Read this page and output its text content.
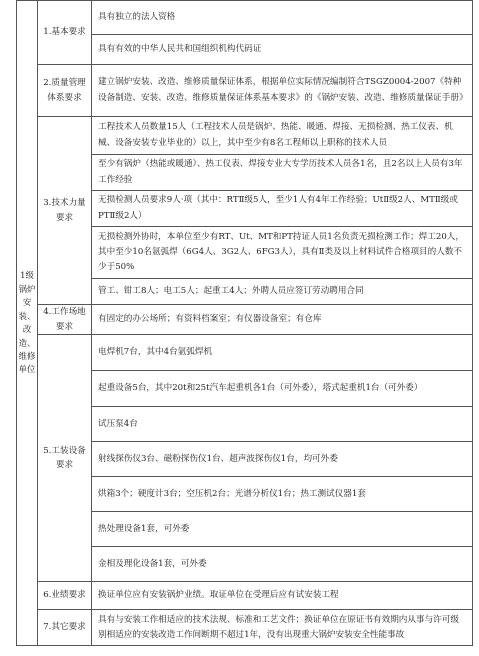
1级锅炉安装、改造、维修单位	1.基本要求	具有独立的法人资格

		具有有效的中华人民共和国组织机构代码证

	2.质量管理体系要求	建立锅炉安装、改造、维修质量保证体系，根据单位实际情况编制符合TSGZ0004-2007《特种设备制造、安装、改造、维修质量保证体系基本要求》的《锅炉安装、改造、维修质量保证手册》

	3.技术力量要求	工程技术人员数量15人（工程技术人员是锅炉、热能、暖通、焊接、无损检测、热工仪表、机械、设备安装专业毕业的）以上，其中至少有8名工程师以上职称的技术人员

		至少有锅炉（热能或暖通）、热工仪表、焊接专业大专学历技术人员各1名，且2名以上人员有3年工作经验

		无损检测人员要求9人·项（其中：RTⅡ级5人，至少1人有4年工作经验；UtⅡ级2人、MTⅡ级或PTⅡ级2人）

		无损检测外协时，本单位至少有RT、Ut、MT和PT持证人员1名负责无损检测工作；焊工20人，其中至少10名氩弧焊（6G4人、3G2人、6FG3人），具有Ⅱ类及以上材料试件合格项目的人数不少于50%

		管工、钳工8人；电工5人；起重工4人；外聘人员应签订劳动聘用合同

	4.工作场地要求	有固定的办公场所；有资料档案室；有仪器设备室；有仓库

	5.工装设备要求	电焊机7台，其中4台氩弧焊机

		起重设备5台，其中20t和25t汽车起重机各1台（可外委），塔式起重机1台（可外委）

		试压泵4台

		射线探伤仪3台、磁粉探伤仪1台、超声波探伤仪1台，均可外委

		烘箱3个；硬度计3台；空压机2台；光谱分析仪1台；热工测试仪器1套

		热处理设备1套，可外委

		金相及理化设备1套，可外委

	6.业绩要求	换证单位应有安装锅炉业绩。取证单位在受理后应有试安装工程

	7.其它要求	具有与安装工作相适应的技术法规、标准和工艺文件；换证单位在原证书有效期内从事与许可级别相适应的安装改造工作间断期不超过1年，没有出现重大锅炉安装安全性能事故
